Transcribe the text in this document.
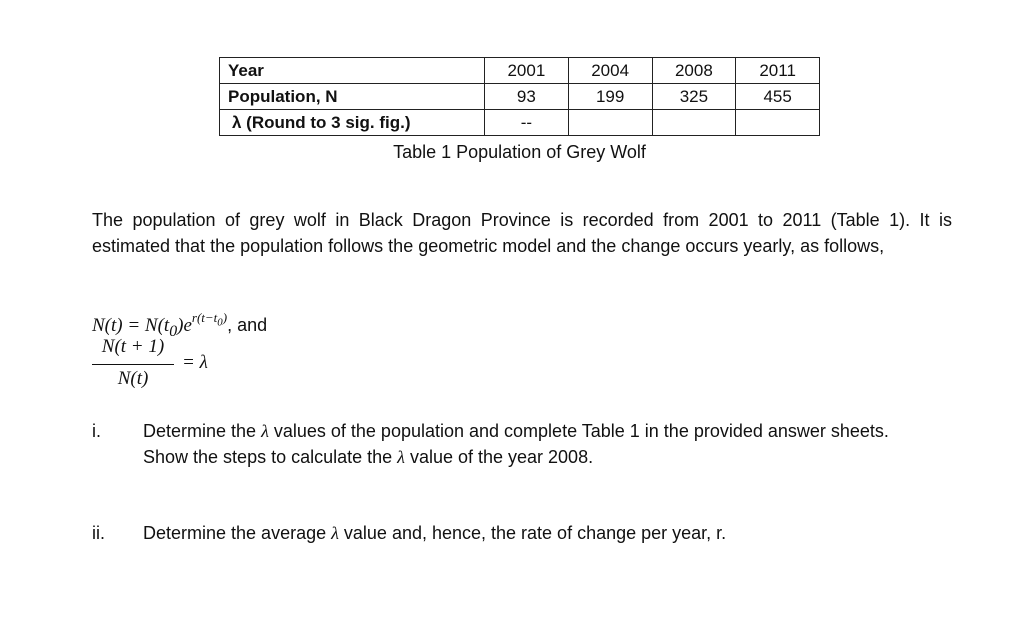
Year	2001	2004	2008	2011
Population, N	93	199	325	455
λ (Round to 3 sig. fig.)	--			
Table 1 Population of Grey Wolf
The population of grey wolf in Black Dragon Province is recorded from 2001 to 2011 (Table 1). It is estimated that the population follows the geometric model and the change occurs yearly, as follows,
$N(t) = N(t_0)e^{r(t-t_0)}$, and
N(t + 1)
N(t)
= λ
i. Determine the λ values of the population and complete Table 1 in the provided answer sheets.
Show the steps to calculate the λ value of the year 2008.
ii. Determine the average λ value and, hence, the rate of change per year, r.
